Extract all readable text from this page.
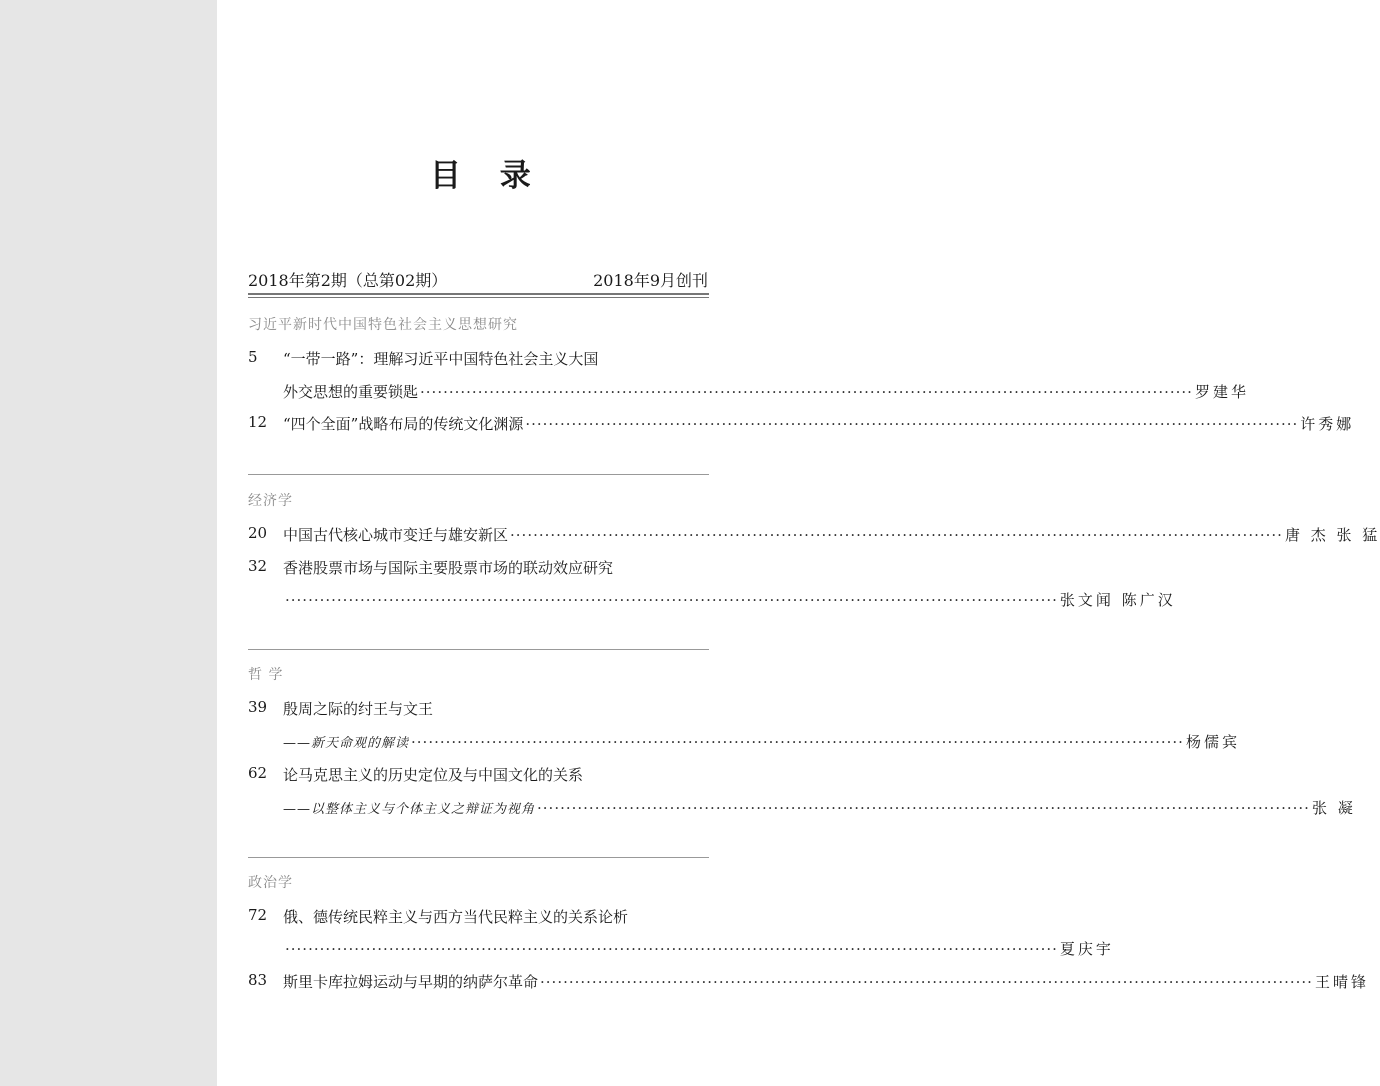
目 录
2018年第2期（总第02期）	2018年9月创刊
习近平新时代中国特色社会主义思想研究
5 “一带一路”：理解习近平中国特色社会主义大国
外交思想的重要锁匙 ······································································································································ 罗建华
12 “四个全面”战略布局的传统文化渊源 ······································································································································ 许秀娜
经济学
20 中国古代核心城市变迁与雄安新区 ······································································································································ 唐 杰 张 猛
32 香港股票市场与国际主要股票市场的联动效应研究
······································································································································ 张文闻 陈广汉
哲 学
39 殷周之际的纣王与文王
——新天命观的解读 ······································································································································ 杨儒宾
62 论马克思主义的历史定位及与中国文化的关系
——以整体主义与个体主义之辩证为视角 ······································································································································ 张 凝
政治学
72 俄、德传统民粹主义与西方当代民粹主义的关系论析
······································································································································ 夏庆宇
83 斯里卡库拉姆运动与早期的纳萨尔革命 ······································································································································ 王晴锋
